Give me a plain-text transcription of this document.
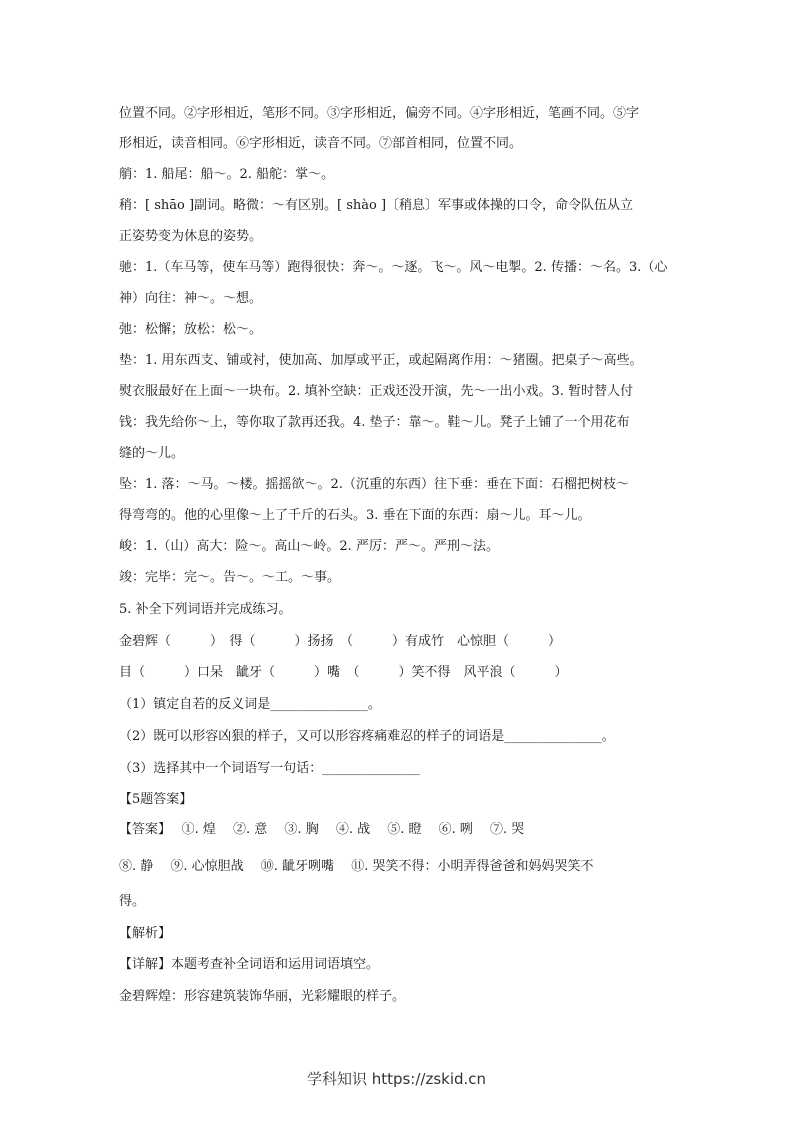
位置不同。②字形相近，笔形不同。③字形相近，偏旁不同。④字形相近，笔画不同。⑤字
形相近，读音相同。⑥字形相近，读音不同。⑦部首相同，位置不同。
艄：1. 船尾：船～。2. 船舵：掌～。
稍：[ shāo ]副词。略微：～有区别。[ shào ]〔稍息〕军事或体操的口令，命令队伍从立
正姿势变为休息的姿势。
驰：1.（车马等，使车马等）跑得很快：奔～。～逐。飞～。风～电掣。2. 传播：～名。3.（心
神）向往：神～。～想。
弛：松懈；放松：松～。
垫：1. 用东西支、铺或衬，使加高、加厚或平正，或起隔离作用：～猪圈。把桌子～高些。
熨衣服最好在上面～一块布。2. 填补空缺：正戏还没开演，先～一出小戏。3. 暂时替人付
钱：我先给你～上，等你取了款再还我。4. 垫子：靠～。鞋～儿。凳子上铺了一个用花布
缝的～儿。
坠：1. 落：～马。～楼。摇摇欲～。2.（沉重的东西）往下垂：垂在下面：石榴把树枝～
得弯弯的。他的心里像～上了千斤的石头。3. 垂在下面的东西：扇～儿。耳～儿。
峻：1.（山）高大：险～。高山～岭。2. 严厉：严～。严刑～法。
竣：完毕：完～。告～。～工。～事。
5. 补全下列词语并完成练习。
金碧辉（　　　）　得（　　　）扬扬　（　　　）有成竹　心惊胆（　　　）
目（　　　）口呆　龇牙（　　　）嘴　（　　　）笑不得　风平浪（　　　）
（1）镇定自若的反义词是_______________。
（2）既可以形容凶狠的样子，又可以形容疼痛难忍的样子的词语是_______________。
（3）选择其中一个词语写一句话：_______________
【5题答案】
【答案】　 ①. 煌　 ②. 意　 ③. 胸　 ④. 战　 ⑤. 瞪　 ⑥. 咧　 ⑦. 哭
⑧. 静　 ⑨. 心惊胆战　 ⑩. 龇牙咧嘴　 ⑪. 哭笑不得：小明弄得爸爸和妈妈哭笑不
得。
【解析】
【详解】本题考查补全词语和运用词语填空。
金碧辉煌：形容建筑装饰华丽，光彩耀眼的样子。
学科知识 https://zskid.cn
